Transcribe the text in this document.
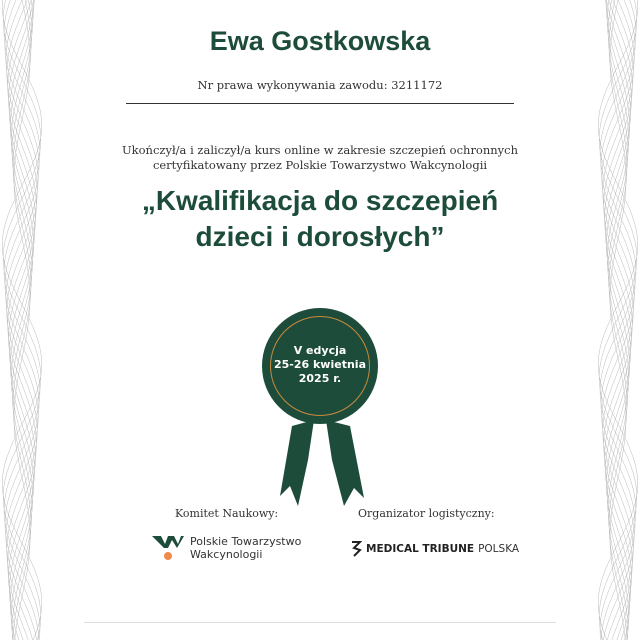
Ewa Gostkowska
Nr prawa wykonywania zawodu: 3211172
Ukończył/a i zaliczył/a kurs online w zakresie szczepień ochronnych
certyfikatowany przez Polskie Towarzystwo Wakcynologii
„Kwalifikacja do szczepień
dzieci i dorosłych”
V edycja
25-26 kwietnia
2025 r.
Komitet Naukowy:	Organizator logistyczny:
Polskie Towarzystwo
Wakcynologii	MEDICAL TRIBUNE POLSKA
